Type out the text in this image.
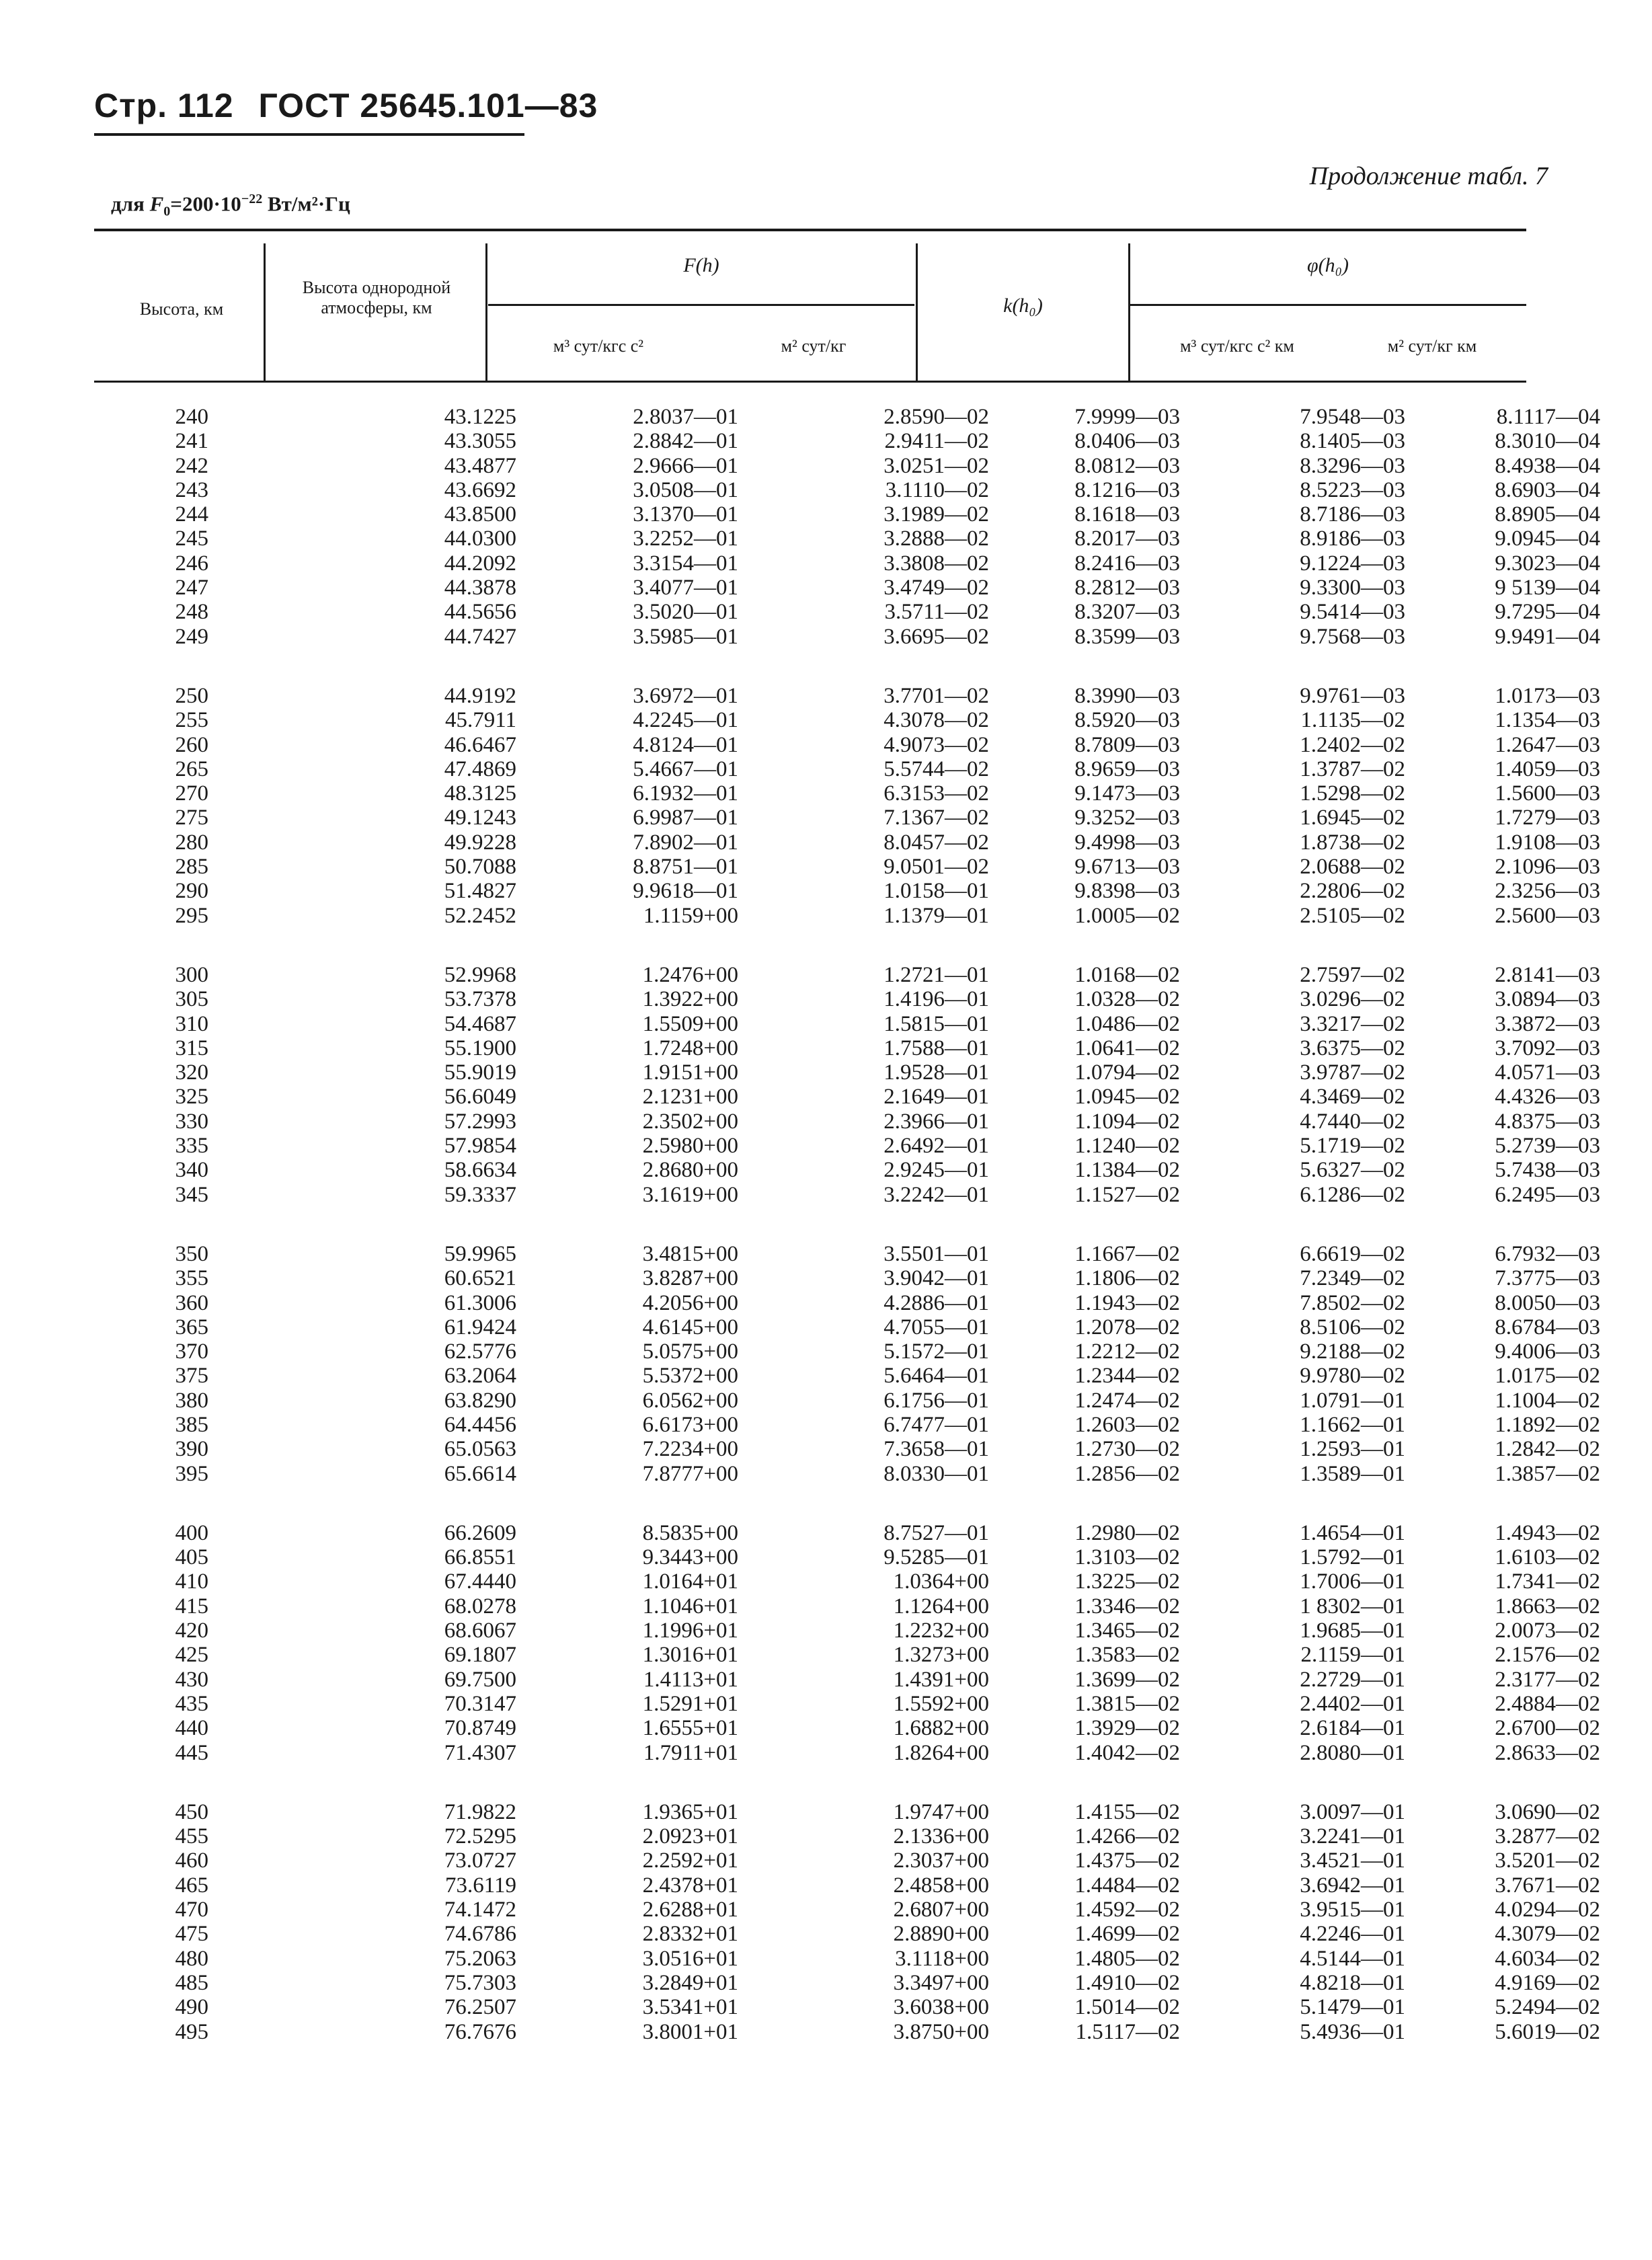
Стр. 112 ГОСТ 25645.101—83
Продолжение табл. 7
для $F_0=200\cdot 10^{-22}$ Вт/м²·Гц
Высота, км
Высота однородной атмосферы, км
F(h)
м³ сут/кгс с²	м² сут/кг
k(h₀)
φ(h₀)
м³ сут/кгс с² км	м² сут/кг км
240	43.1225	2.8037—01	2.8590—02	7.9999—03	7.9548—03	8.1117—04
241	43.3055	2.8842—01	2.9411—02	8.0406—03	8.1405—03	8.3010—04
242	43.4877	2.9666—01	3.0251—02	8.0812—03	8.3296—03	8.4938—04
243	43.6692	3.0508—01	3.1110—02	8.1216—03	8.5223—03	8.6903—04
244	43.8500	3.1370—01	3.1989—02	8.1618—03	8.7186—03	8.8905—04
245	44.0300	3.2252—01	3.2888—02	8.2017—03	8.9186—03	9.0945—04
246	44.2092	3.3154—01	3.3808—02	8.2416—03	9.1224—03	9.3023—04
247	44.3878	3.4077—01	3.4749—02	8.2812—03	9.3300—03	9 5139—04
248	44.5656	3.5020—01	3.5711—02	8.3207—03	9.5414—03	9.7295—04
249	44.7427	3.5985—01	3.6695—02	8.3599—03	9.7568—03	9.9491—04
250	44.9192	3.6972—01	3.7701—02	8.3990—03	9.9761—03	1.0173—03
255	45.7911	4.2245—01	4.3078—02	8.5920—03	1.1135—02	1.1354—03
260	46.6467	4.8124—01	4.9073—02	8.7809—03	1.2402—02	1.2647—03
265	47.4869	5.4667—01	5.5744—02	8.9659—03	1.3787—02	1.4059—03
270	48.3125	6.1932—01	6.3153—02	9.1473—03	1.5298—02	1.5600—03
275	49.1243	6.9987—01	7.1367—02	9.3252—03	1.6945—02	1.7279—03
280	49.9228	7.8902—01	8.0457—02	9.4998—03	1.8738—02	1.9108—03
285	50.7088	8.8751—01	9.0501—02	9.6713—03	2.0688—02	2.1096—03
290	51.4827	9.9618—01	1.0158—01	9.8398—03	2.2806—02	2.3256—03
295	52.2452	1.1159+00	1.1379—01	1.0005—02	2.5105—02	2.5600—03
300	52.9968	1.2476+00	1.2721—01	1.0168—02	2.7597—02	2.8141—03
305	53.7378	1.3922+00	1.4196—01	1.0328—02	3.0296—02	3.0894—03
310	54.4687	1.5509+00	1.5815—01	1.0486—02	3.3217—02	3.3872—03
315	55.1900	1.7248+00	1.7588—01	1.0641—02	3.6375—02	3.7092—03
320	55.9019	1.9151+00	1.9528—01	1.0794—02	3.9787—02	4.0571—03
325	56.6049	2.1231+00	2.1649—01	1.0945—02	4.3469—02	4.4326—03
330	57.2993	2.3502+00	2.3966—01	1.1094—02	4.7440—02	4.8375—03
335	57.9854	2.5980+00	2.6492—01	1.1240—02	5.1719—02	5.2739—03
340	58.6634	2.8680+00	2.9245—01	1.1384—02	5.6327—02	5.7438—03
345	59.3337	3.1619+00	3.2242—01	1.1527—02	6.1286—02	6.2495—03
350	59.9965	3.4815+00	3.5501—01	1.1667—02	6.6619—02	6.7932—03
355	60.6521	3.8287+00	3.9042—01	1.1806—02	7.2349—02	7.3775—03
360	61.3006	4.2056+00	4.2886—01	1.1943—02	7.8502—02	8.0050—03
365	61.9424	4.6145+00	4.7055—01	1.2078—02	8.5106—02	8.6784—03
370	62.5776	5.0575+00	5.1572—01	1.2212—02	9.2188—02	9.4006—03
375	63.2064	5.5372+00	5.6464—01	1.2344—02	9.9780—02	1.0175—02
380	63.8290	6.0562+00	6.1756—01	1.2474—02	1.0791—01	1.1004—02
385	64.4456	6.6173+00	6.7477—01	1.2603—02	1.1662—01	1.1892—02
390	65.0563	7.2234+00	7.3658—01	1.2730—02	1.2593—01	1.2842—02
395	65.6614	7.8777+00	8.0330—01	1.2856—02	1.3589—01	1.3857—02
400	66.2609	8.5835+00	8.7527—01	1.2980—02	1.4654—01	1.4943—02
405	66.8551	9.3443+00	9.5285—01	1.3103—02	1.5792—01	1.6103—02
410	67.4440	1.0164+01	1.0364+00	1.3225—02	1.7006—01	1.7341—02
415	68.0278	1.1046+01	1.1264+00	1.3346—02	1 8302—01	1.8663—02
420	68.6067	1.1996+01	1.2232+00	1.3465—02	1.9685—01	2.0073—02
425	69.1807	1.3016+01	1.3273+00	1.3583—02	2.1159—01	2.1576—02
430	69.7500	1.4113+01	1.4391+00	1.3699—02	2.2729—01	2.3177—02
435	70.3147	1.5291+01	1.5592+00	1.3815—02	2.4402—01	2.4884—02
440	70.8749	1.6555+01	1.6882+00	1.3929—02	2.6184—01	2.6700—02
445	71.4307	1.7911+01	1.8264+00	1.4042—02	2.8080—01	2.8633—02
450	71.9822	1.9365+01	1.9747+00	1.4155—02	3.0097—01	3.0690—02
455	72.5295	2.0923+01	2.1336+00	1.4266—02	3.2241—01	3.2877—02
460	73.0727	2.2592+01	2.3037+00	1.4375—02	3.4521—01	3.5201—02
465	73.6119	2.4378+01	2.4858+00	1.4484—02	3.6942—01	3.7671—02
470	74.1472	2.6288+01	2.6807+00	1.4592—02	3.9515—01	4.0294—02
475	74.6786	2.8332+01	2.8890+00	1.4699—02	4.2246—01	4.3079—02
480	75.2063	3.0516+01	3.1118+00	1.4805—02	4.5144—01	4.6034—02
485	75.7303	3.2849+01	3.3497+00	1.4910—02	4.8218—01	4.9169—02
490	76.2507	3.5341+01	3.6038+00	1.5014—02	5.1479—01	5.2494—02
495	76.7676	3.8001+01	3.8750+00	1.5117—02	5.4936—01	5.6019—02
